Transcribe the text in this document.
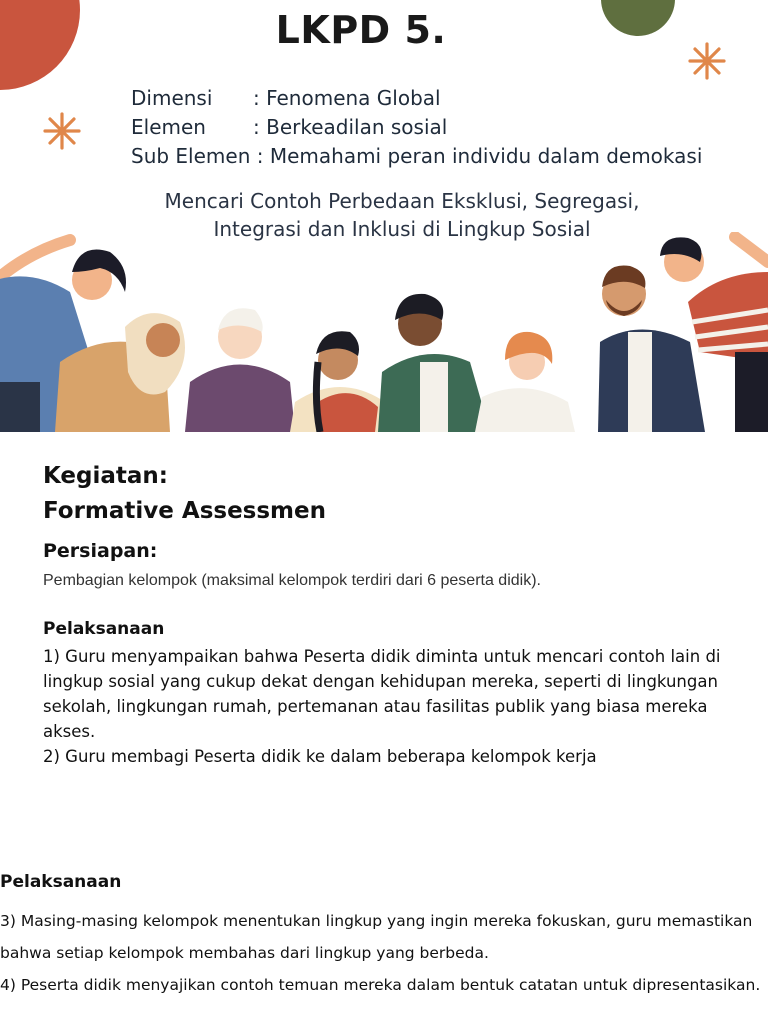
LKPD 5.
Dimensi	: Fenomena Global
Elemen	: Berkeadilan sosial
Sub Elemen
: Memahami peran individu dalam demokasi
Mencari Contoh Perbedaan Eksklusi, Segregasi,
Integrasi dan Inklusi di Lingkup Sosial
Kegiatan:
Formative Assessmen
Persiapan:
Pembagian kelompok (maksimal kelompok terdiri dari 6 peserta didik).
Pelaksanaan

1) Guru menyampaikan bahwa Peserta didik diminta untuk mencari contoh lain di lingkup sosial yang cukup dekat dengan kehidupan mereka, seperti di lingkungan sekolah, lingkungan rumah, pertemanan atau fasilitas publik yang biasa mereka akses.

2) Guru membagi Peserta didik ke dalam beberapa kelompok kerja

Pelaksanaan

3) Masing-masing kelompok menentukan lingkup yang ingin mereka fokuskan, guru memastikan bahwa setiap kelompok membahas dari lingkup yang berbeda.

4) Peserta didik menyajikan contoh temuan mereka dalam bentuk catatan untuk dipresentasikan.
